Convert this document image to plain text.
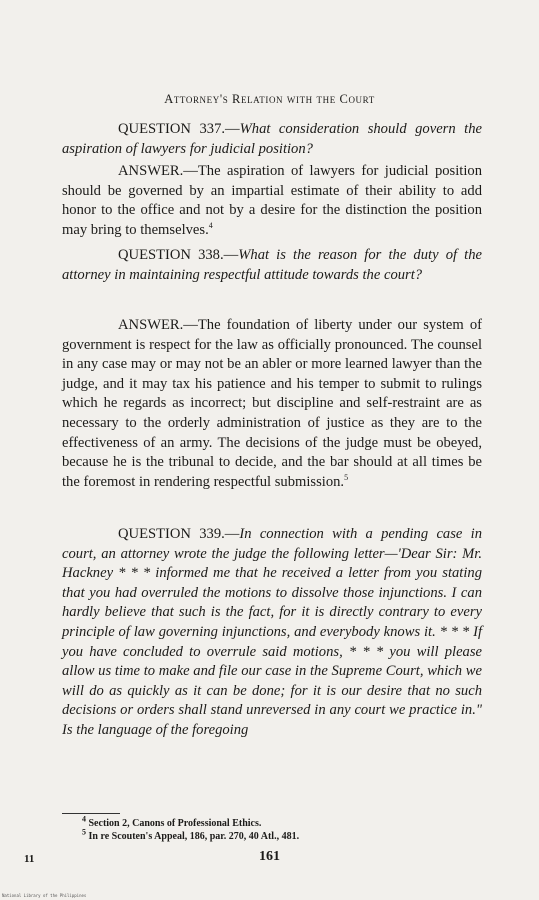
Attorney's Relation with the Court

QUESTION 337.—What consideration should govern the aspiration of lawyers for judicial position?

ANSWER.—The aspiration of lawyers for judicial position should be governed by an impartial estimate of their ability to add honor to the office and not by a desire for the distinction the position may bring to themselves.$^4$

QUESTION 338.—What is the reason for the duty of the attorney in maintaining respectful attitude towards the court?

ANSWER.—The foundation of liberty under our system of government is respect for the law as officially pronounced. The counsel in any case may or may not be an abler or more learned lawyer than the judge, and it may tax his patience and his temper to submit to rulings which he regards as incorrect; but discipline and self-restraint are as necessary to the orderly administration of justice as they are to the effectiveness of an army. The decisions of the judge must be obeyed, because he is the tribunal to decide, and the bar should at all times be the foremost in rendering respectful submission.$^5$

QUESTION 339.—In connection with a pending case in court, an attorney wrote the judge the following letter—'Dear Sir: Mr. Hackney * * * informed me that he received a letter from you stating that you had overruled the motions to dissolve those injunctions. I can hardly believe that such is the fact, for it is directly contrary to every principle of law governing injunctions, and everybody knows it. * * * If you have concluded to overrule said motions, * * * you will please allow us time to make and file our case in the Supreme Court, which we will do as quickly as it can be done; for it is our desire that no such decisions or orders shall stand unreversed in any court we practice in." Is the language of the foregoing

$^4$ Section 2, Canons of Professional Ethics.
$^5$ In re Scouten's Appeal, 186, par. 270, 40 Atl., 481.
11	161
National Library of the Philippines
